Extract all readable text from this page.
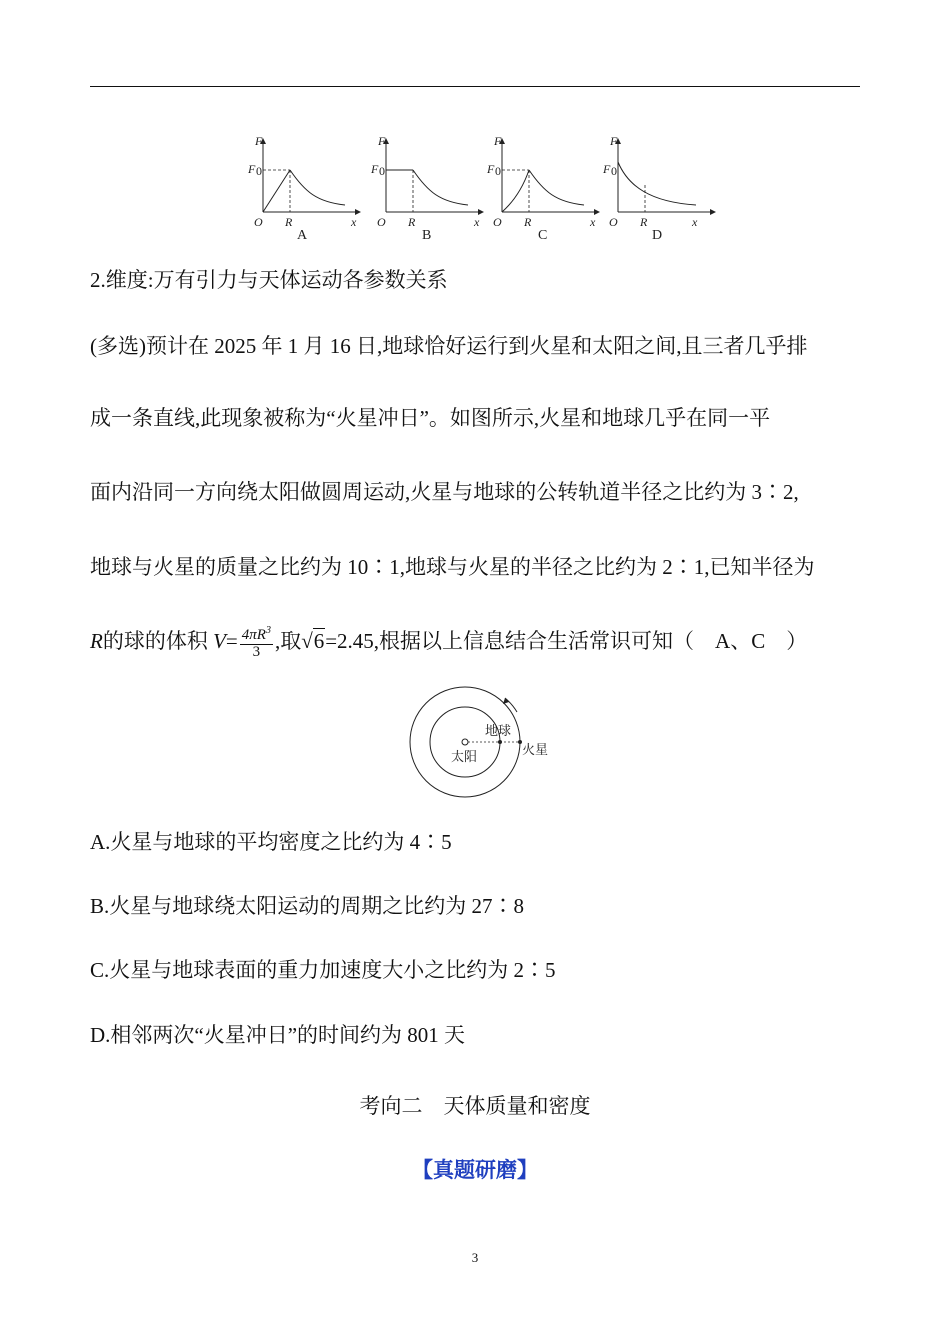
F
F 0
O R	x
A
F
F 0
O R	x
B
F
F 0
O R	x
C
F
F 0
O R	x
D
2.维度:万有引力与天体运动各参数关系
(多选)预计在 2025 年 1 月 16 日,地球恰好运行到火星和太阳之间,且三者几乎排
成一条直线,此现象被称为“火星冲日”。如图所示,火星和地球几乎在同一平
面内沿同一方向绕太阳做圆周运动,火星与地球的公转轨道半径之比约为 3∶2,
地球与火星的质量之比约为 10∶1,地球与火星的半径之比约为 2∶1,已知半径为
R的球的体积 $V= \frac{4\pi R^3}{3}$ ,取√6=2.45,根据以上信息结合生活常识可知（　A、C　）
地球
太阳	火星
A.火星与地球的平均密度之比约为 4∶5
B.火星与地球绕太阳运动的周期之比约为 27∶8
C.火星与地球表面的重力加速度大小之比约为 2∶5
D.相邻两次“火星冲日”的时间约为 801 天
考向二　天体质量和密度
【真题研磨】
3
